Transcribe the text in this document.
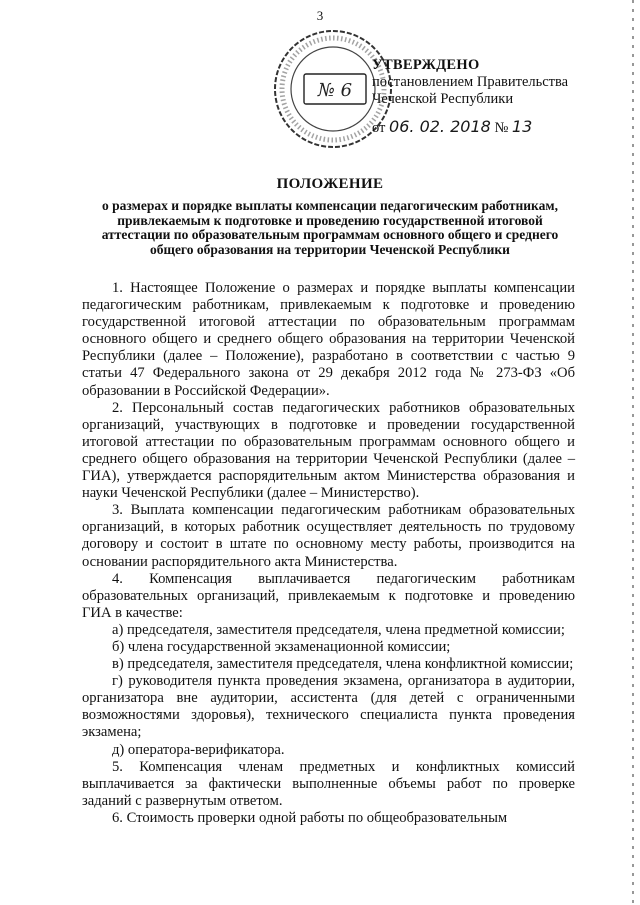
3
№ 6
УТВЕРЖДЕНО
постановлением Правительства
Чеченской Республики
от 06. 02. 2018 № 13
ПОЛОЖЕНИЕ
о размерах и порядке выплаты компенсации педагогическим работникам, привлекаемым к подготовке и проведению государственной итоговой аттестации по образовательным программам основного общего и среднего общего образования на территории Чеченской Республики

1. Настоящее Положение о размерах и порядке выплаты компенсации педагогическим работникам, привлекаемым к подготовке и проведению государственной итоговой аттестации по образовательным программам основного общего и среднего общего образования на территории Чеченской Республики (далее – Положение), разработано в соответствии с частью 9 статьи 47 Федерального закона от 29 декабря 2012 года № 273-ФЗ «Об образовании в Российской Федерации».

2. Персональный состав педагогических работников образовательных организаций, участвующих в подготовке и проведении государственной итоговой аттестации по образовательным программам основного общего и среднего общего образования на территории Чеченской Республики (далее – ГИА), утверждается распорядительным актом Министерства образования и науки Чеченской Республики (далее – Министерство).

3. Выплата компенсации педагогическим работникам образовательных организаций, в которых работник осуществляет деятельность по трудовому договору и состоит в штате по основному месту работы, производится на основании распорядительного акта Министерства.

4. Компенсация выплачивается педагогическим работникам образовательных организаций, привлекаемым к подготовке и проведению ГИА в качестве:

а) председателя, заместителя председателя, члена предметной комиссии;

б) члена государственной экзаменационной комиссии;

в) председателя, заместителя председателя, члена конфликтной комиссии;

г) руководителя пункта проведения экзамена, организатора в аудитории, организатора вне аудитории, ассистента (для детей с ограниченными возможностями здоровья), технического специалиста пункта проведения экзамена;

д) оператора-верификатора.

5. Компенсация членам предметных и конфликтных комиссий выплачивается за фактически выполненные объемы работ по проверке заданий с развернутым ответом.

6. Стоимость проверки одной работы по общеобразовательным
